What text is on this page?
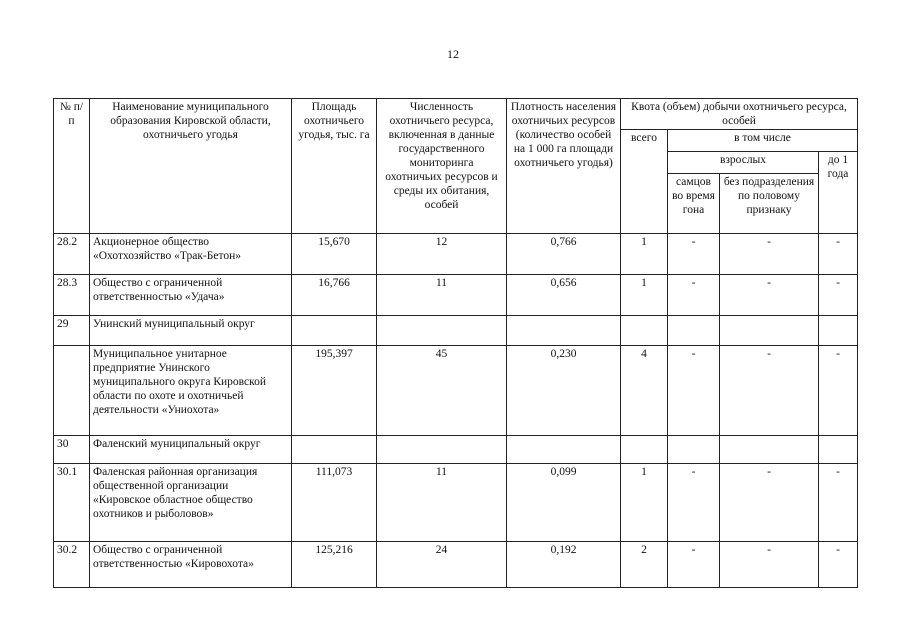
12
№ п/п	Наименование муниципального образования Кировской области, охотничьего угодья	Площадь охотничьего угодья, тыс. га	Численность охотничьего ресурса, включенная в данные государственного мониторинга охотничьих ресурсов и среды их обитания, особей	Плотность населения охотничьих ресурсов (количество особей на 1 000 га площади охотничьего угодья)	Квота (объем) добычи охотничьего ресурса, особей			
					всего	в том числе		
						взрослых		до 1 года
						самцов во время гона	без подразделения по половому признаку	
28.2	Акционерное общество «Охотхозяйство «Трак-Бетон»	15,670	12	0,766	1	-	-	-
28.3	Общество с ограниченной ответственностью «Удача»	16,766	11	0,656	1	-	-	-
29	Унинский муниципальный округ							
	Муниципальное унитарное предприятие Унинского муниципального округа Кировской области по охоте и охотничьей деятельности «Униохота»	195,397	45	0,230	4	-	-	-
30	Фаленский муниципальный округ							
30.1	Фаленская районная организация общественной организации «Кировское областное общество охотников и рыболовов»	111,073	11	0,099	1	-	-	-
30.2	Общество с ограниченной ответственностью «Кировохота»	125,216	24	0,192	2	-	-	-
